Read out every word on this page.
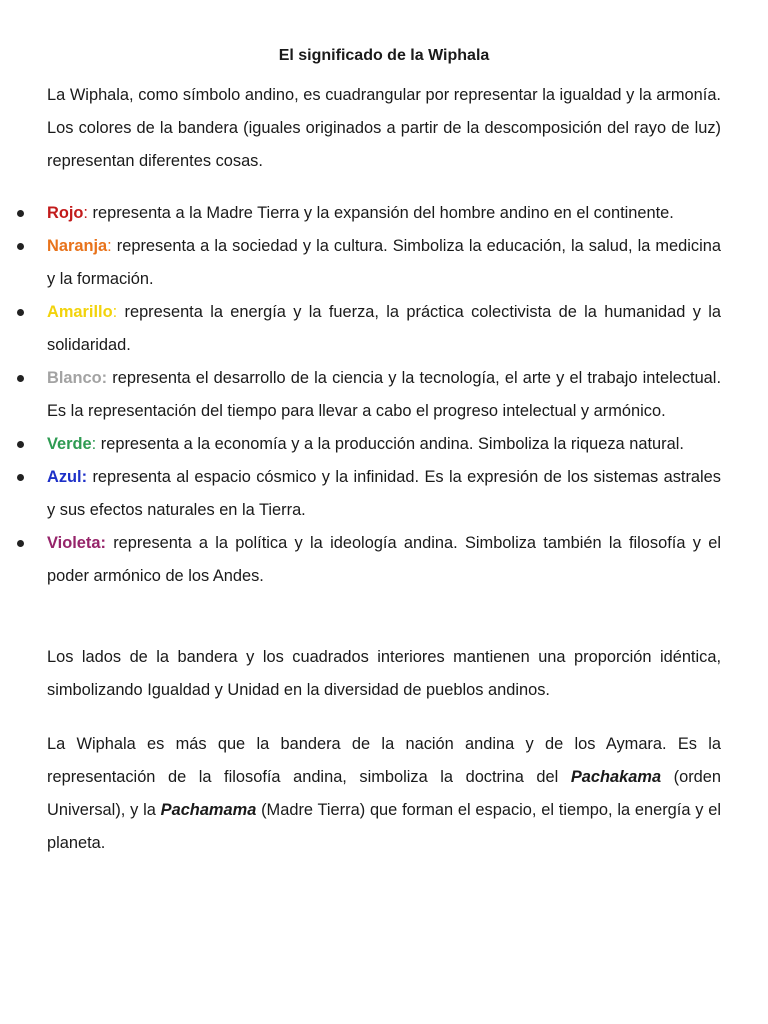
El significado de la Wiphala

La Wiphala, como símbolo andino, es cuadrangular por representar la igualdad y la armonía. Los colores de la bandera (iguales originados a partir de la descomposición del rayo de luz) representan diferentes cosas.

Rojo: representa a la Madre Tierra y la expansión del hombre andino en el continente.
Naranja: representa a la sociedad y la cultura. Simboliza la educación, la salud, la medicina y la formación.
Amarillo: representa la energía y la fuerza, la práctica colectivista de la humanidad y la solidaridad.
Blanco: representa el desarrollo de la ciencia y la tecnología, el arte y el trabajo intelectual. Es la representación del tiempo para llevar a cabo el progreso intelectual y armónico.
Verde: representa a la economía y a la producción andina. Simboliza la riqueza natural.
Azul: representa al espacio cósmico y la infinidad. Es la expresión de los sistemas astrales y sus efectos naturales en la Tierra.
Violeta: representa a la política y la ideología andina. Simboliza también la filosofía y el poder armónico de los Andes.

Los lados de la bandera y los cuadrados interiores mantienen una proporción idéntica, simbolizando Igualdad y Unidad en la diversidad de pueblos andinos.

La Wiphala es más que la bandera de la nación andina y de los Aymara. Es la representación de la filosofía andina, simboliza la doctrina del Pachakama (orden Universal), y la Pachamama (Madre Tierra) que forman el espacio, el tiempo, la energía y el planeta.
